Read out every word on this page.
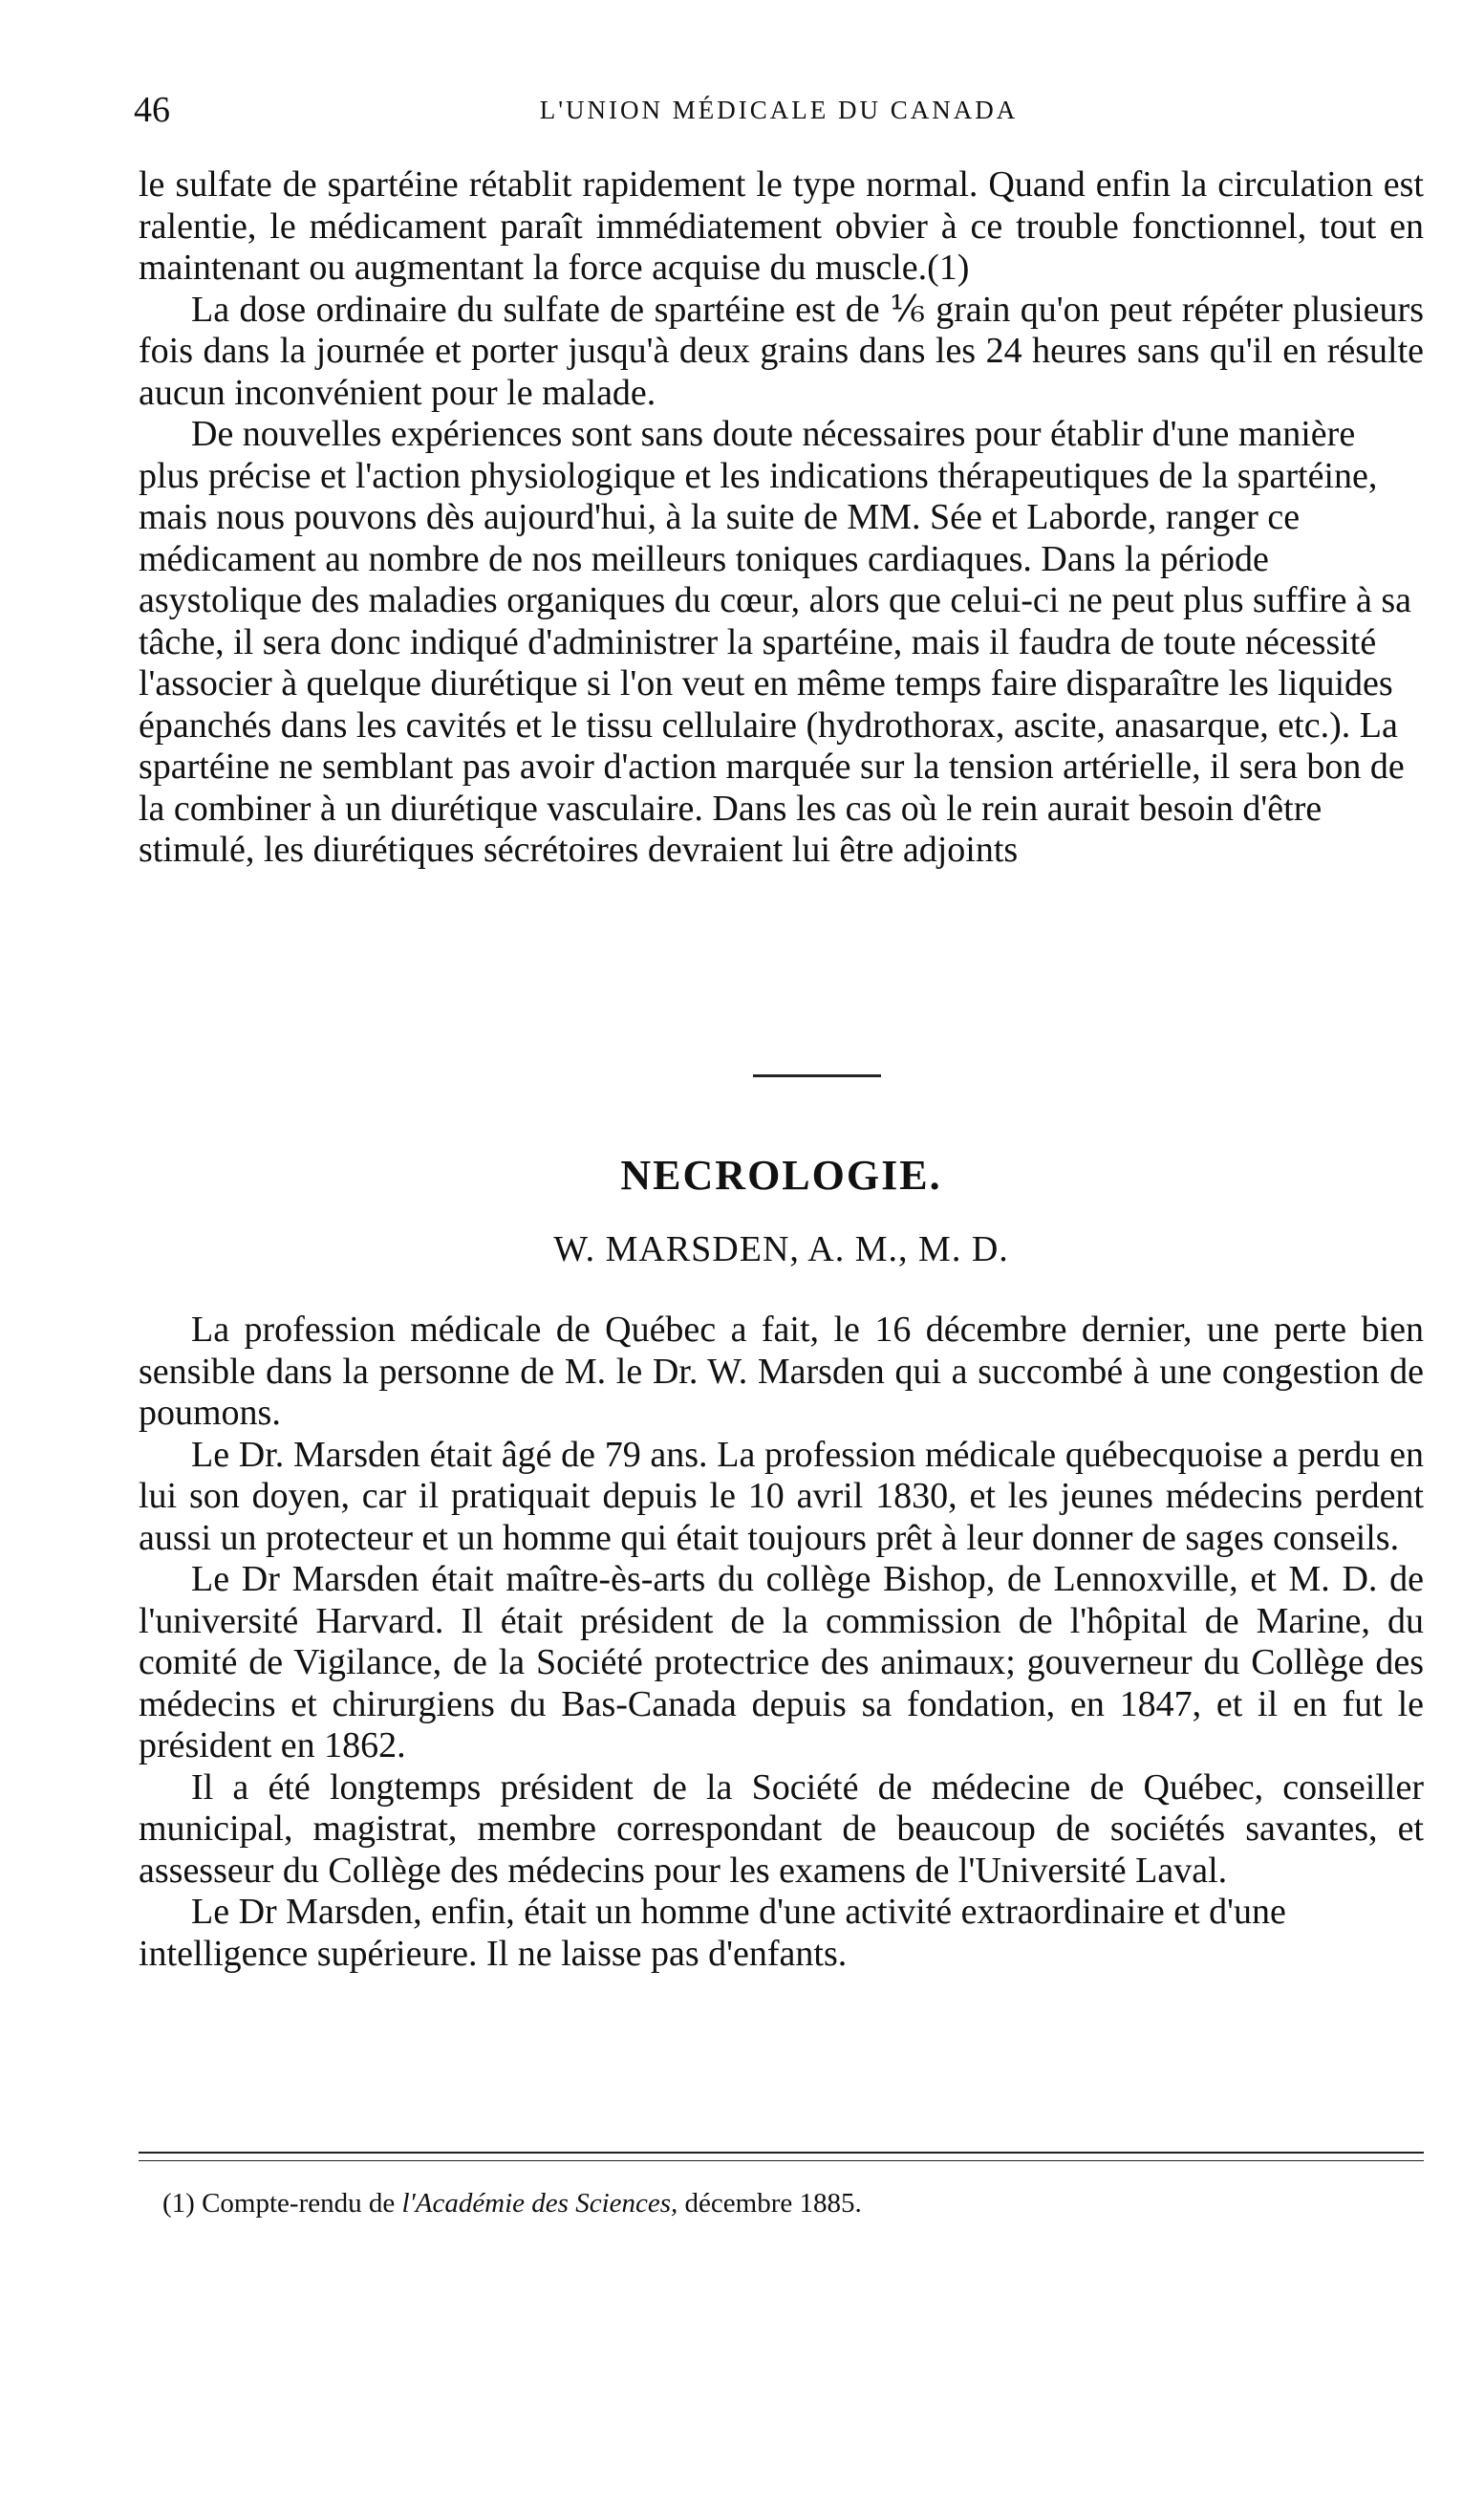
46	L'UNION MÉDICALE DU CANADA

le sulfate de spartéine rétablit rapidement le type normal. Quand enfin la circulation est ralentie, le médicament paraît immédiatement obvier à ce trouble fonctionnel, tout en maintenant ou augmentant la force acquise du muscle.(1)

La dose ordinaire du sulfate de spartéine est de ⅙ grain qu'on peut répéter plusieurs fois dans la journée et porter jusqu'à deux grains dans les 24 heures sans qu'il en résulte aucun inconvénient pour le malade.

De nouvelles expériences sont sans doute nécessaires pour établir d'une manière plus précise et l'action physiologique et les indications thérapeutiques de la spartéine, mais nous pouvons dès aujourd'hui, à la suite de MM. Sée et Laborde, ranger ce médicament au nombre de nos meilleurs toniques cardiaques. Dans la période asystolique des maladies organiques du cœur, alors que celui-ci ne peut plus suffire à sa tâche, il sera donc indiqué d'administrer la spartéine, mais il faudra de toute nécessité l'associer à quelque diurétique si l'on veut en même temps faire disparaître les liquides épanchés dans les cavités et le tissu cellulaire (hydrothorax, ascite, anasarque, etc.). La spartéine ne semblant pas avoir d'action marquée sur la tension artérielle, il sera bon de la combiner à un diurétique vasculaire. Dans les cas où le rein aurait besoin d'être stimulé, les diurétiques sécrétoires devraient lui être adjoints

NECROLOGIE.
W. MARSDEN, A. M., M. D.

La profession médicale de Québec a fait, le 16 décembre dernier, une perte bien sensible dans la personne de M. le Dr. W. Marsden qui a succombé à une congestion de poumons.

Le Dr. Marsden était âgé de 79 ans. La profession médicale québecquoise a perdu en lui son doyen, car il pratiquait depuis le 10 avril 1830, et les jeunes médecins perdent aussi un protecteur et un homme qui était toujours prêt à leur donner de sages conseils.

Le Dr Marsden était maître-ès-arts du collège Bishop, de Lennoxville, et M. D. de l'université Harvard. Il était président de la commission de l'hôpital de Marine, du comité de Vigilance, de la Société protectrice des animaux; gouverneur du Collège des médecins et chirurgiens du Bas-Canada depuis sa fondation, en 1847, et il en fut le président en 1862.

Il a été longtemps président de la Société de médecine de Québec, conseiller municipal, magistrat, membre correspondant de beaucoup de sociétés savantes, et assesseur du Collège des médecins pour les examens de l'Université Laval.

Le Dr Marsden, enfin, était un homme d'une activité extraordinaire et d'une intelligence supérieure. Il ne laisse pas d'enfants.

(1) Compte-rendu de l'Académie des Sciences, décembre 1885.
